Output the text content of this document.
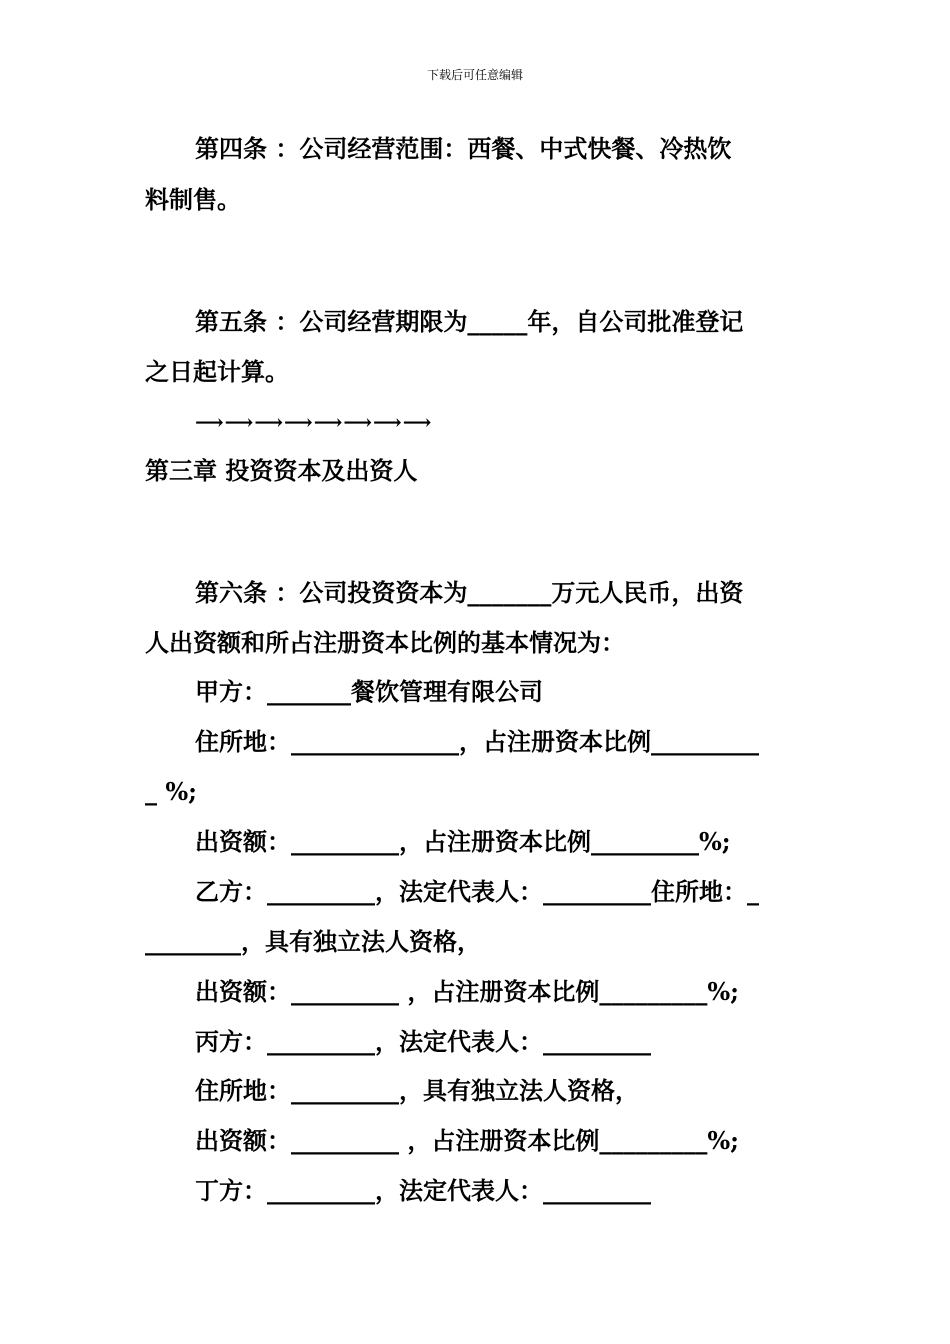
下载后可任意编辑
第四条 ：公司经营范围：西餐、中式快餐、冷热饮
料制售。
第五条 ：公司经营期限为_____年，自公司批准登记
之日起计算。
⟶⟶⟶⟶⟶⟶⟶⟶
第三章 投资资本及出资人
第六条 ：公司投资资本为_______万元人民币，出资
人出资额和所占注册资本比例的基本情况为：
甲方：_______餐饮管理有限公司
住所地：______________，占注册资本比例_________
_ %;
出资额：_________，占注册资本比例_________%;
乙方：_________，法定代表人：_________住所地：_
________，具有独立法人资格，
出资额：_________ ，占注册资本比例_________%;
丙方：_________，法定代表人：_________
住所地：_________，具有独立法人资格，
出资额：_________ ，占注册资本比例_________%;
丁方：_________，法定代表人：_________
